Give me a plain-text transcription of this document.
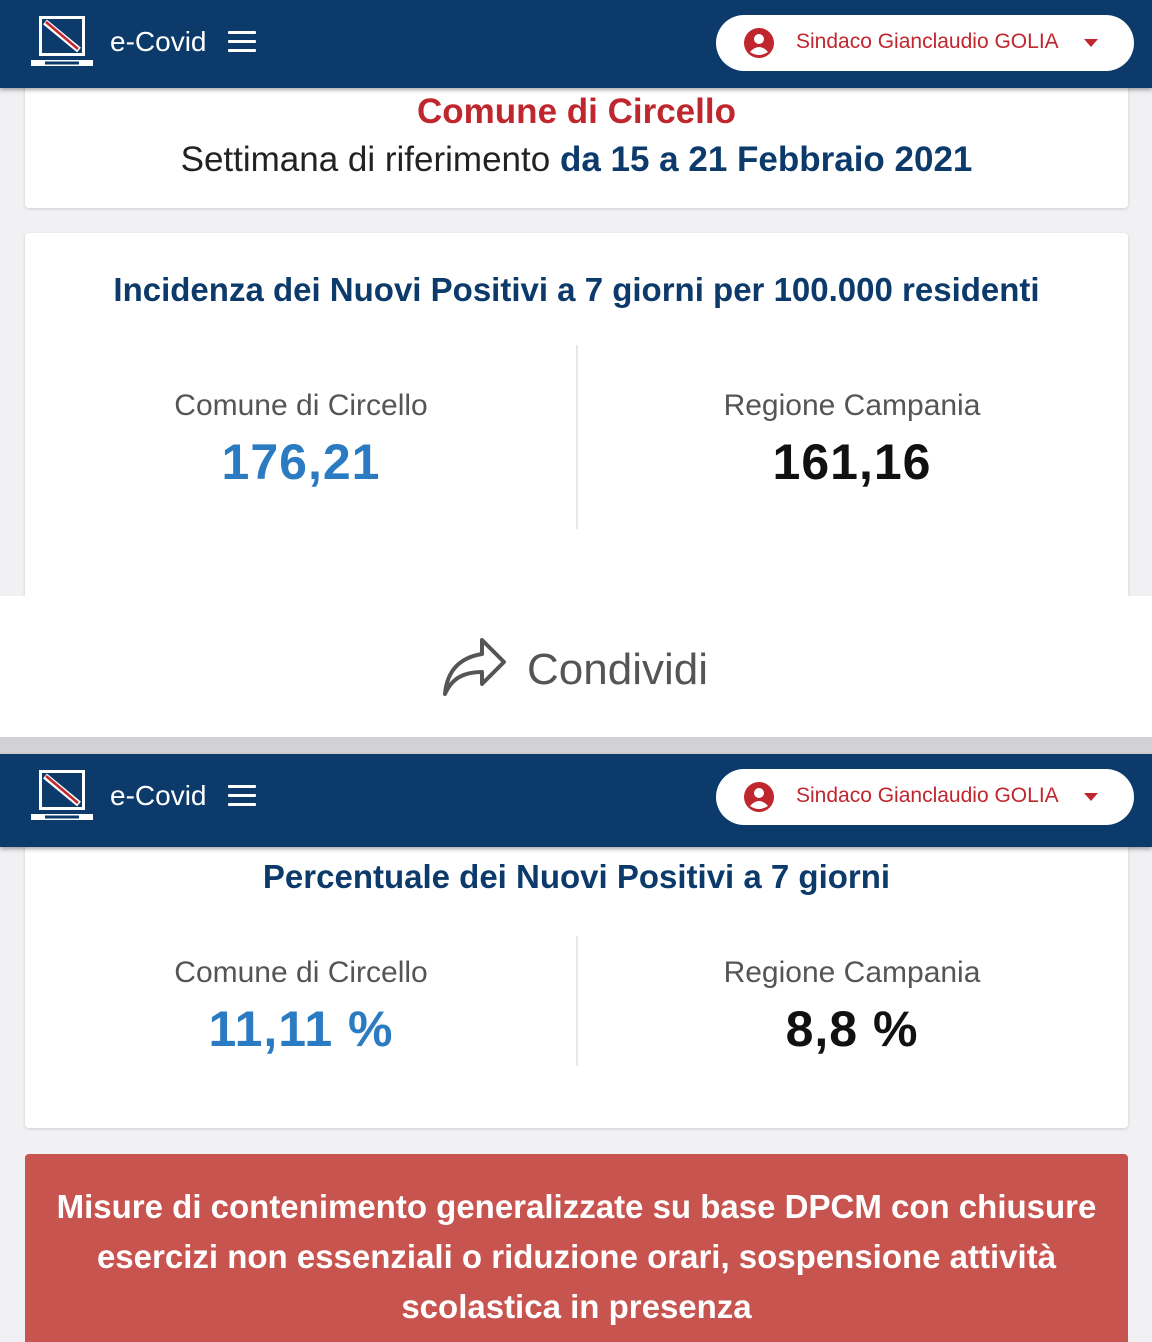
e-Covid	Sindaco Gianclaudio GOLIA
Comune di Circello
Settimana di riferimento da 15 a 21 Febbraio 2021
Incidenza dei Nuovi Positivi a 7 giorni per 100.000 residenti
Comune di Circello
176,21
Regione Campania
161,16
Condividi
e-Covid	Sindaco Gianclaudio GOLIA
Percentuale dei Nuovi Positivi a 7 giorni
Comune di Circello
11,11 %
Regione Campania
8,8 %
Misure di contenimento generalizzate su base DPCM con chiusure esercizi non essenziali o riduzione orari, sospensione attività scolastica in presenza
